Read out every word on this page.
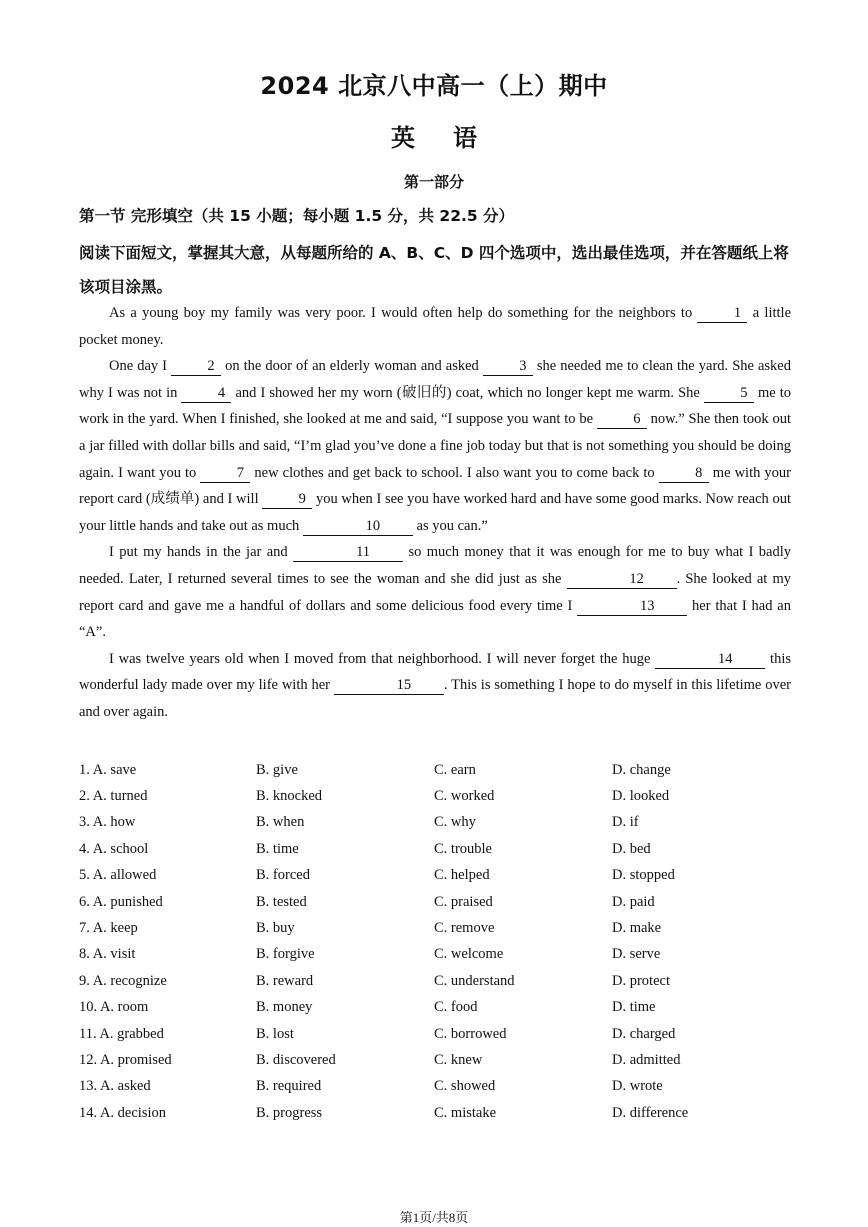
2024 北京八中高一（上）期中
英语
第一部分
第一节 完形填空（共 15 小题；每小题 1.5 分，共 22.5 分）
阅读下面短文，掌握其大意，从每题所给的 A、B、C、D 四个选项中，选出最佳选项，并在答题纸上将该项目涂黑。

As a young boy my family was very poor. I would often help do something for the neighbors to	1 a little pocket money.

One day I	2 on the door of an elderly woman and asked	3 she needed me to clean the yard. She asked why I was not in	4 and I showed her my worn (破旧的) coat, which no longer kept me warm. She	5 me to work in the yard. When I finished, she looked at me and said, “I suppose you want to be	6 now.” She then took out a jar filled with dollar bills and said, “I’m glad you’ve done a fine job today but that is not something you should be doing again. I want you to	7 new clothes and get back to school. I also want you to come back to	8 me with your report card (成绩单) and I will	9 you when I see you have worked hard and have some good marks. Now reach out your little hands and take out as much	10 as you can.”

I put my hands in the jar and	11 so much money that it was enough for me to buy what I badly needed. Later, I returned several times to see the woman and she did just as she	12 . She looked at my report card and gave me a handful of dollars and some delicious food every time I	13 her that I had an “A”.

I was twelve years old when I moved from that neighborhood. I will never forget the huge	14 this wonderful lady made over my life with her	15 . This is something I hope to do myself in this lifetime over and over again.

1. A. save	B. give	C. earn	D. change
2. A. turned	B. knocked	C. worked	D. looked
3. A. how	B. when	C. why	D. if
4. A. school	B. time	C. trouble	D. bed
5. A. allowed	B. forced	C. helped	D. stopped
6. A. punished	B. tested	C. praised	D. paid
7. A. keep	B. buy	C. remove	D. make
8. A. visit	B. forgive	C. welcome	D. serve
9. A. recognize	B. reward	C. understand	D. protect
10. A. room	B. money	C. food	D. time
11. A. grabbed	B. lost	C. borrowed	D. charged
12. A. promised	B. discovered	C. knew	D. admitted
13. A. asked	B. required	C. showed	D. wrote
14. A. decision	B. progress	C. mistake	D. difference
第1页/共8页
